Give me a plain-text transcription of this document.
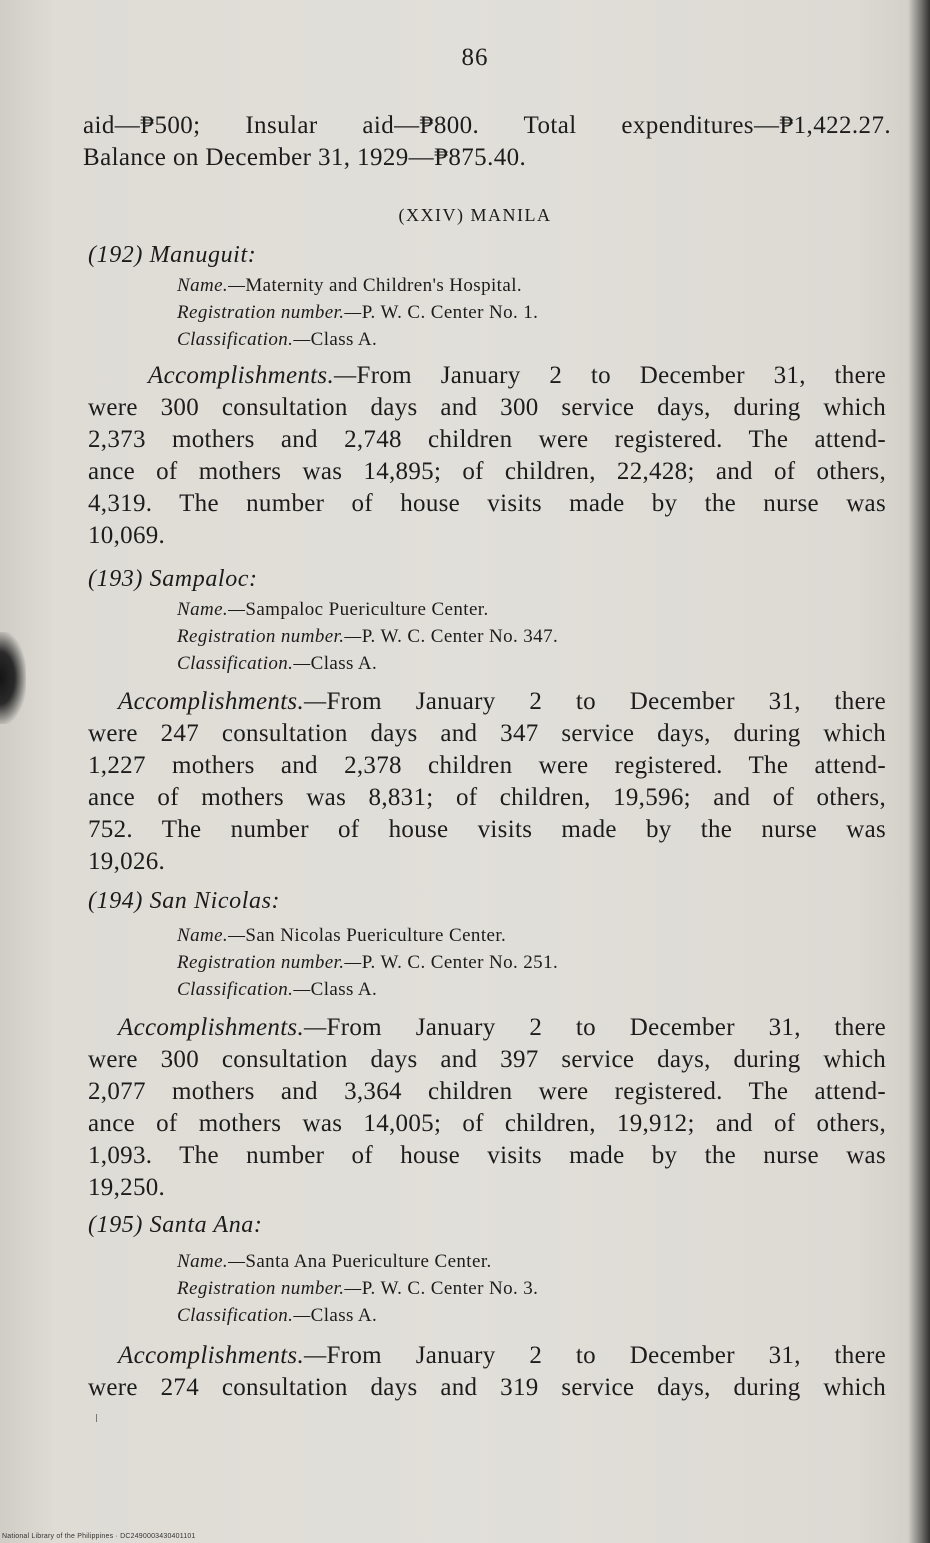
86
aid—₱500; Insular aid—₱800. Total expenditures—₱1,422.27.
Balance on December 31, 1929—₱875.40.
(XXIV) MANILA
(192) Manuguit:
Name.—Maternity and Children's Hospital.
Registration number.—P. W. C. Center No. 1.
Classification.—Class A.
Accomplishments.—From January 2 to December 31, there
were 300 consultation days and 300 service days, during which
2,373 mothers and 2,748 children were registered. The attend-
ance of mothers was 14,895; of children, 22,428; and of others,
4,319. The number of house visits made by the nurse was
10,069.
(193) Sampaloc:
Name.—Sampaloc Puericulture Center.
Registration number.—P. W. C. Center No. 347.
Classification.—Class A.
Accomplishments.—From January 2 to December 31, there
were 247 consultation days and 347 service days, during which
1,227 mothers and 2,378 children were registered. The attend-
ance of mothers was 8,831; of children, 19,596; and of others,
752. The number of house visits made by the nurse was
19,026.
(194) San Nicolas:
Name.—San Nicolas Puericulture Center.
Registration number.—P. W. C. Center No. 251.
Classification.—Class A.
Accomplishments.—From January 2 to December 31, there
were 300 consultation days and 397 service days, during which
2,077 mothers and 3,364 children were registered. The attend-
ance of mothers was 14,005; of children, 19,912; and of others,
1,093. The number of house visits made by the nurse was
19,250.
(195) Santa Ana:
Name.—Santa Ana Puericulture Center.
Registration number.—P. W. C. Center No. 3.
Classification.—Class A.
Accomplishments.—From January 2 to December 31, there
were 274 consultation days and 319 service days, during which
National Library of the Philippines · DC2490003430401101
